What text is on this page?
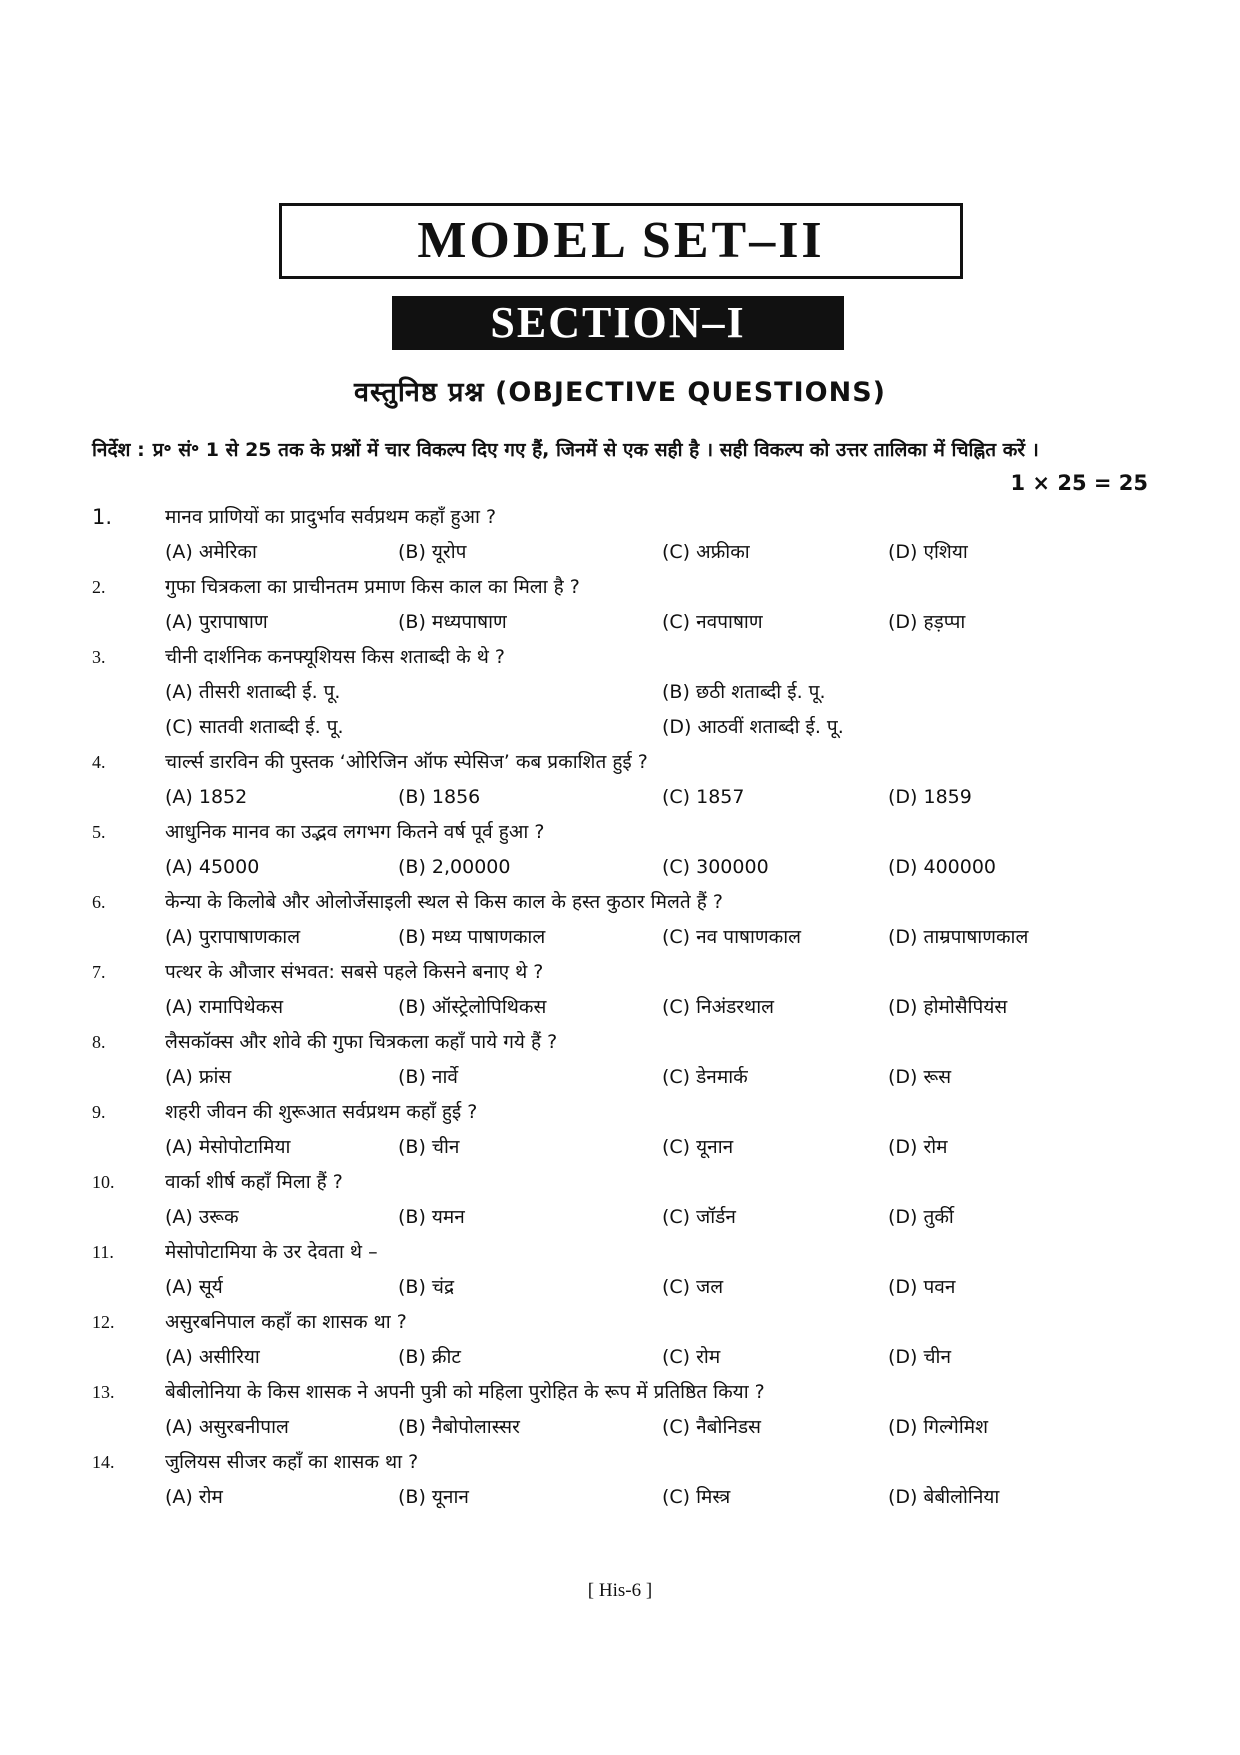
MODEL SET–II
SECTION–I
वस्तुनिष्ठ प्रश्न (OBJECTIVE QUESTIONS)
निर्देश : प्र॰ सं॰ 1 से 25 तक के प्रश्नों में चार विकल्प दिए गए हैं, जिनमें से एक सही है । सही विकल्प को उत्तर तालिका में चिह्नित करें ।
1 × 25 = 25
1.	मानव प्राणियों का प्रादुर्भाव सर्वप्रथम कहाँ हुआ ?
(A) अमेरिका	(B) यूरोप	(C) अफ्रीका	(D) एशिया
2.	गुफा चित्रकला का प्राचीनतम प्रमाण किस काल का मिला है ?
(A) पुरापाषाण	(B) मध्यपाषाण	(C) नवपाषाण	(D) हड़प्पा
3.	चीनी दार्शनिक कनफ्यूशियस किस शताब्दी के थे ?
(A) तीसरी शताब्दी ई. पू.	(B) छठी शताब्दी ई. पू.
(C) सातवी शताब्दी ई. पू.	(D) आठवीं शताब्दी ई. पू.
4.	चार्ल्स डारविन की पुस्तक ‘ओरिजिन ऑफ स्पेसिज’ कब प्रकाशित हुई ?
(A) 1852	(B) 1856	(C) 1857	(D) 1859
5.	आधुनिक मानव का उद्भव लगभग कितने वर्ष पूर्व हुआ ?
(A) 45000	(B) 2,00000	(C) 300000	(D) 400000
6.	केन्या के किलोबे और ओलोर्जेसाइली स्थल से किस काल के हस्त कुठार मिलते हैं ?
(A) पुरापाषाणकाल	(B) मध्य पाषाणकाल	(C) नव पाषाणकाल	(D) ताम्रपाषाणकाल
7.	पत्थर के औजार संभवत: सबसे पहले किसने बनाए थे ?
(A) रामापिथेकस	(B) ऑस्ट्रेलोपिथिकस	(C) निअंडरथाल	(D) होमोसैपियंस
8.	लैसकॉक्स और शोवे की गुफा चित्रकला कहाँ पाये गये हैं ?
(A) फ्रांस	(B) नार्वे	(C) डेनमार्क	(D) रूस
9.	शहरी जीवन की शुरूआत सर्वप्रथम कहाँ हुई ?
(A) मेसोपोटामिया	(B) चीन	(C) यूनान	(D) रोम
10.	वार्का शीर्ष कहाँ मिला हैं ?
(A) उरूक	(B) यमन	(C) जॉर्डन	(D) तुर्की
11.	मेसोपोटामिया के उर देवता थे –
(A) सूर्य	(B) चंद्र	(C) जल	(D) पवन
12.	असुरबनिपाल कहाँ का शासक था ?
(A) असीरिया	(B) क्रीट	(C) रोम	(D) चीन
13.	बेबीलोनिया के किस शासक ने अपनी पुत्री को महिला पुरोहित के रूप में प्रतिष्ठित किया ?
(A) असुरबनीपाल	(B) नैबोपोलास्सर	(C) नैबोनिडस	(D) गिल्गेमिश
14.	जुलियस सीजर कहाँ का शासक था ?
(A) रोम	(B) यूनान	(C) मिस्त्र	(D) बेबीलोनिया
[ His-6 ]
